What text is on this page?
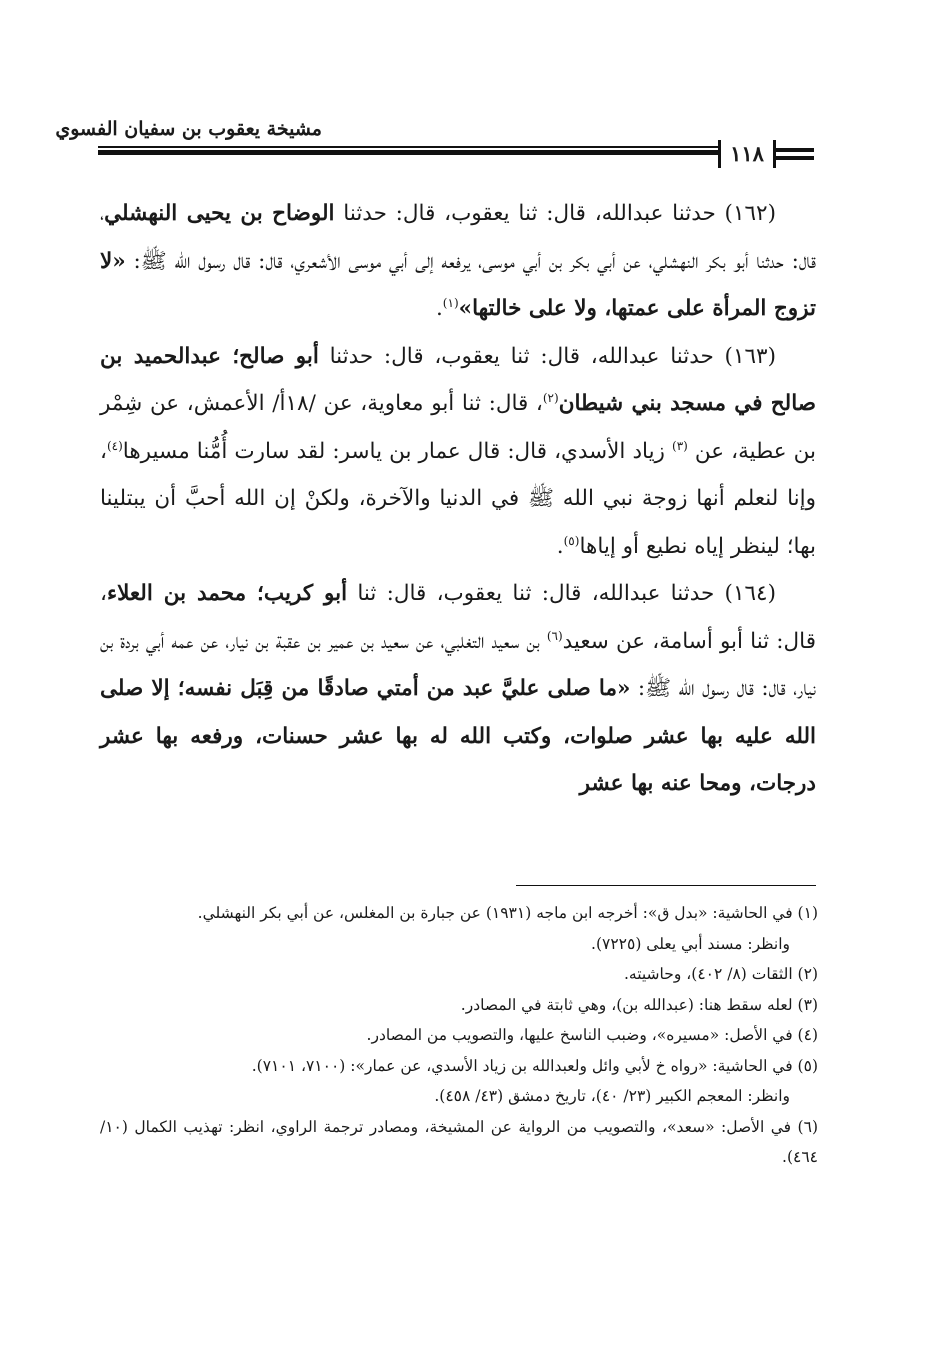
مشيخة يعقوب بن سفيان الفسوي
١١٨

(١٦٢) حدثنا عبدالله، قال: ثنا يعقوب، قال: حدثنا الوضاح بن يحيى النهشلي، قال: حدثنا أبو بكر النهشلي، عن أبي بكر بن أبي موسى، يرفعه إلى أبي موسى الأشعري، قال: قال رسول الله ﷺ: «لا تزوج المرأة على عمتها، ولا على خالتها»$^{(١)}$.

(١٦٣) حدثنا عبدالله، قال: ثنا يعقوب، قال: حدثنا أبو صالح؛ عبدالحميد بن صالح في مسجد بني شيطان$^{(٢)}$، قال: ثنا أبو معاوية، عن /١٨أ/ الأعمش، عن شِمْر بن عطية، عن $^{(٣)}$ زياد الأسدي، قال: قال عمار بن ياسر: لقد سارت أُمُّنا مسيرها$^{(٤)}$، وإنا لنعلم أنها زوجة نبي الله ﷺ في الدنيا والآخرة، ولكنْ إن الله أحبَّ أن يبتلينا بها؛ لينظر إياه نطيع أو إياها$^{(٥)}$.

(١٦٤) حدثنا عبدالله، قال: ثنا يعقوب، قال: ثنا أبو كريب؛ محمد بن العلاء، قال: ثنا أبو أسامة، عن سعيد$^{(٦)}$ بن سعيد التغلبي، عن سعيد بن عمير بن عقبة بن نيار، عن عمه أبي بردة بن نيار، قال: قال رسول الله ﷺ: «ما صلى عليَّ عبد من أمتي صادقًا من قِبَل نفسه؛ إلا صلى الله عليه بها عشر صلوات، وكتب الله له بها عشر حسنات، ورفعه بها عشر درجات، ومحا عنه بها عشر

(١) في الحاشية: «بدل ق»: أخرجه ابن ماجه (١٩٣١) عن جبارة بن المغلس، عن أبي بكر النهشلي.

وانظر: مسند أبي يعلى (٧٢٢٥).

(٢) الثقات (٨/ ٤٠٢)، وحاشيته.

(٣) لعله سقط هنا: (عبدالله بن)، وهي ثابتة في المصادر.

(٤) في الأصل: «مسيره»، وضبب الناسخ عليها، والتصويب من المصادر.

(٥) في الحاشية: «رواه خ لأبي وائل ولعبدالله بن زياد الأسدي، عن عمار»: (٧١٠٠، ٧١٠١).

وانظر: المعجم الكبير (٢٣/ ٤٠)، تاريخ دمشق (٤٣/ ٤٥٨).

(٦) في الأصل: «سعد»، والتصويب من الرواية عن المشيخة، ومصادر ترجمة الراوي، انظر: تهذيب الكمال (١٠/ ٤٦٤).
